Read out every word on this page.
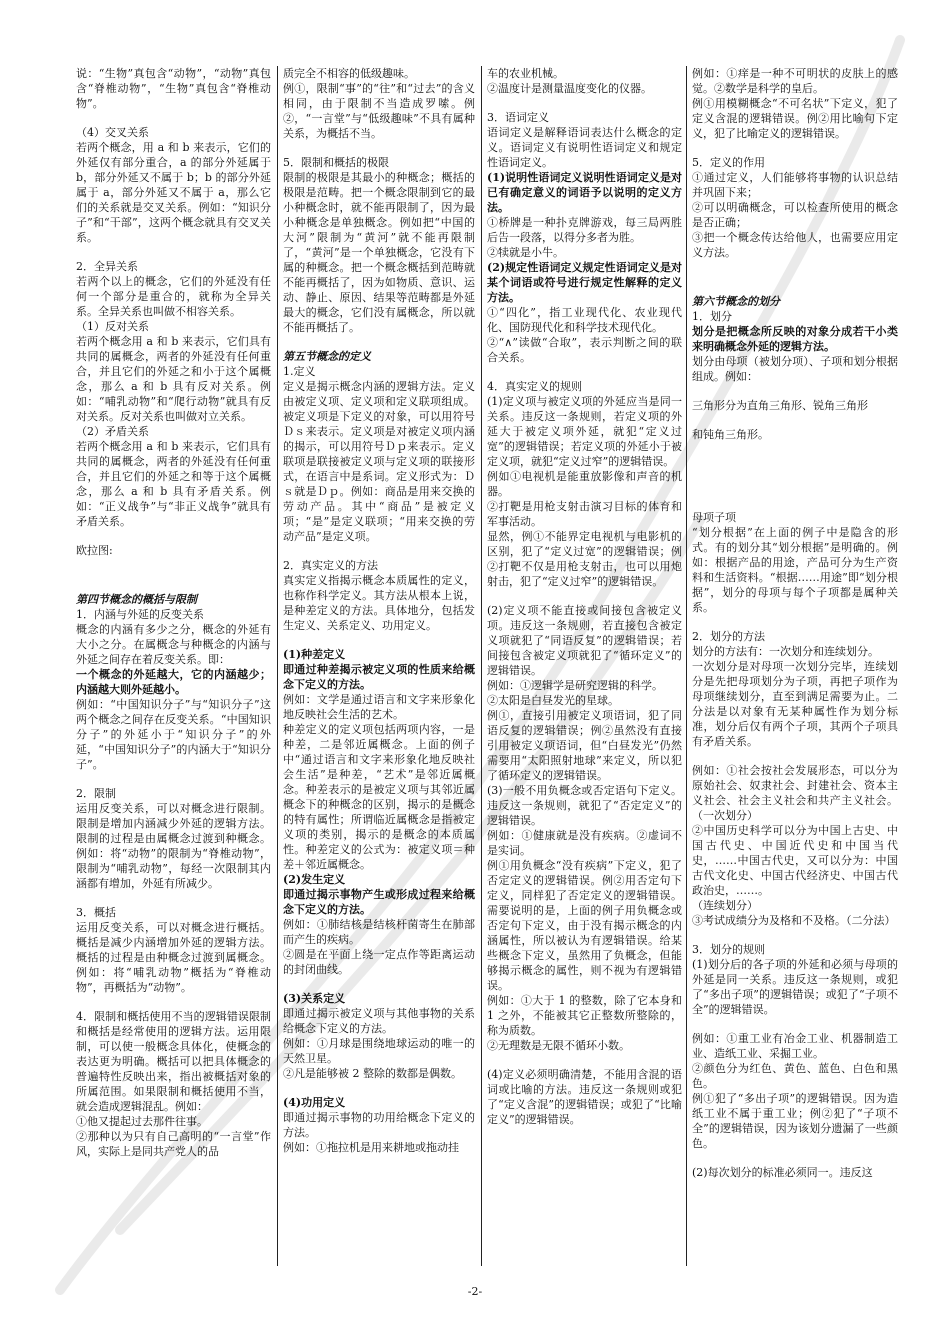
说：“生物”真包含“动物”，“动物”真包含“脊椎动物”，“生物”真包含“脊椎动物”。

（4）交叉关系

若两个概念，用 a 和 b 来表示，它们的外延仅有部分重合，a 的部分外延属于 b，部分外延又不属于 b；b 的部分外延属于 a，部分外延又不属于 a，那么它们的关系就是交叉关系。例如：“知识分子”和“干部”，这两个概念就具有交叉关系。

2．全异关系

若两个以上的概念，它们的外延没有任何一个部分是重合的，就称为全异关系。全异关系也叫做不相容关系。

（1）反对关系

若两个概念用 a 和 b 来表示，它们具有共同的属概念，两者的外延没有任何重合，并且它们的外延之和小于这个属概念，那么 a 和 b 具有反对关系。例如：“哺乳动物”和“爬行动物”就具有反对关系。反对关系也叫做对立关系。

（2）矛盾关系

若两个概念用 a 和 b 来表示，它们具有共同的属概念，两者的外延没有任何重合，并且它们的外延之和等于这个属概念，那么 a 和 b 具有矛盾关系。例如：“正义战争”与“非正义战争”就具有矛盾关系。

欧拉图:

第四节概念的概括与限制

1．内涵与外延的反变关系

概念的内涵有多少之分，概念的外延有大小之分。在属概念与种概念的内涵与外延之间存在着反变关系。即：

一个概念的外延越大，它的内涵越少；内涵越大则外延越小。

例如：“中国知识分子”与“知识分子”这两个概念之间存在反变关系。“中国知识分子”的外延小于“知识分子”的外延，“中国知识分子”的内涵大于“知识分子”。

2．限制

运用反变关系，可以对概念进行限制。限制是增加内涵减少外延的逻辑方法。限制的过程是由属概念过渡到种概念。例如：将“动物”的限制为“脊椎动物”，限制为“哺乳动物”，每经一次限制其内涵都有增加，外延有所减少。

3．概括

运用反变关系，可以对概念进行概括。概括是减少内涵增加外延的逻辑方法。概括的过程是由种概念过渡到属概念。例如：将“哺乳动物”概括为“脊椎动物”，再概括为“动物”。

4．限制和概括使用不当的逻辑错误限制和概括是经常使用的逻辑方法。运用限制，可以使一般概念具体化，使概念的表达更为明确。概括可以把具体概念的普遍特性反映出来，指出被概括对象的所属范围。如果限制和概括使用不当，就会造成逻辑混乱。例如：

①他又提起过去那件往事。

②那种以为只有自己高明的“一言堂”作风，实际上是同共产党人的品

质完全不相容的低级趣味。

例①，限制“事”的“往”和“过去”的含义相同，由于限制不当造成罗嗦。例②，“一言堂”与“低级趣味”不具有属种关系，为概括不当。

5．限制和概括的极限

限制的极限是其最小的种概念；概括的极限是范畴。把一个概念限制到它的最小种概念时，就不能再限制了，因为最小种概念是单独概念。例如把“中国的大河”限制为“黄河”就不能再限制了，“黄河”是一个单独概念，它没有下属的种概念。把一个概念概括到范畴就不能再概括了，因为如物质、意识、运动、静止、原因、结果等范畴都是外延最大的概念，它们没有属概念，所以就不能再概括了。

第五节概念的定义

1.定义

定义是揭示概念内涵的逻辑方法。定义由被定义项、定义项和定义联项组成。被定义项是下定义的对象，可以用符号Ｄｓ来表示。定义项是对被定义项内涵的揭示，可以用符号Ｄｐ来表示。定义联项是联接被定义项与定义项的联接形式，在语言中是系词。定义形式为：Ｄｓ就是Ｄｐ。例如：商品是用来交换的劳动产品。其中“商品”是被定义项；“是”是定义联项；“用来交换的劳动产品”是定义项。

2．真实定义的方法

真实定义指揭示概念本质属性的定义，也称作科学定义。其方法从根本上说，是种差定义的方法。具体地分，包括发生定义、关系定义、功用定义。

(1)种差定义

即通过种差揭示被定义项的性质来给概念下定义的方法。

例如：文学是通过语言和文字来形象化地反映社会生活的艺术。

种差定义的定义项包括两项内容，一是种差，二是邻近属概念。上面的例子中“通过语言和文字来形象化地反映社会生活”是种差，“艺术”是邻近属概念。种差表示的是被定义项与其邻近属概念下的种概念的区别，揭示的是概念的特有属性；所谓临近属概念是指被定义项的类别，揭示的是概念的本质属性。种差定义的公式为：被定义项＝种差＋邻近属概念。

(2)发生定义

即通过揭示事物产生或形成过程来给概念下定义的方法。

例如：①肺结核是结核杆菌寄生在肺部而产生的疾病。

②圆是在平面上绕一定点作等距离运动的封闭曲线。

(3)关系定义

即通过揭示被定义项与其他事物的关系给概念下定义的方法。

例如：①月球是围绕地球运动的唯一的天然卫星。

②凡是能够被 2 整除的数都是偶数。

(4)功用定义

即通过揭示事物的功用给概念下定义的方法。

例如：①拖拉机是用来耕地或拖动挂

车的农业机械。

②温度计是测量温度变化的仪器。

3．语词定义

语词定义是解释语词表达什么概念的定义。语词定义有说明性语词定义和规定性语词定义。

(1)说明性语词定义说明性语词定义是对已有确定意义的词语予以说明的定义方法。

①桥牌是一种扑克牌游戏，每三局两胜后告一段落，以得分多者为胜。

②犊就是小牛。

(2)规定性语词定义规定性语词定义是对某个词语或符号进行规定性解释的定义方法。

①“四化”，指工业现代化、农业现代化、国防现代化和科学技术现代化。

②“∧”读做“合取”，表示判断之间的联合关系。

4．真实定义的规则

(1)定义项与被定义项的外延应当是同一关系。违反这一条规则，若定义项的外延大于被定义项外延，就犯“定义过宽”的逻辑错误；若定义项的外延小于被定义项，就犯“定义过窄”的逻辑错误。

例如①电视机是能重放影像和声音的机器。

②打靶是用枪支射击演习目标的体育和军事活动。

显然，例①不能界定电视机与电影机的区别，犯了“定义过宽”的逻辑错误；例②打靶不仅是用枪支射击，也可以用炮射击，犯了“定义过窄”的逻辑错误。

(2)定义项不能直接或间接包含被定义项。违反这一条规则，若直接包含被定义项就犯了“同语反复”的逻辑错误；若间接包含被定义项就犯了“循环定义”的逻辑错误。

例如：①逻辑学是研究逻辑的科学。

②太阳是白昼发光的星球。

例①，直接引用被定义项语词，犯了同语反复的逻辑错误；例②虽然没有直接引用被定义项语词，但“白昼发光”仍然需要用“太阳照射地球”来定义，所以犯了循环定义的逻辑错误。

(3)一般不用负概念或否定语句下定义。违反这一条规则，就犯了“否定定义”的逻辑错误。

例如：①健康就是没有疾病。②虚词不是实词。

例①用负概念“没有疾病”下定义，犯了否定定义的逻辑错误。例②用否定句下定义，同样犯了否定定义的逻辑错误。需要说明的是，上面的例子用负概念或否定句下定义，由于没有揭示概念的内涵属性，所以被认为有逻辑错误。给某些概念下定义，虽然用了负概念，但能够揭示概念的属性，则不视为有逻辑错误。

例如：①大于 1 的整数，除了它本身和 1 之外，不能被其它正整数所整除的，称为质数。

②无理数是无限不循环小数。

(4)定义必须明确清楚，不能用含混的语词或比喻的方法。违反这一条规则或犯了“定义含混”的逻辑错误；或犯了“比喻定义”的逻辑错误。

例如：①痒是一种不可明状的皮肤上的感觉。②数学是科学的皇后。

例①用模糊概念“不可名状”下定义，犯了定义含混的逻辑错误。例②用比喻句下定义，犯了比喻定义的逻辑错误。

5．定义的作用

①通过定义，人们能够将事物的认识总结并巩固下来；

②可以明确概念，可以检查所使用的概念是否正确；

③把一个概念传达给他人，也需要应用定义方法。

第六节概念的划分

1．划分

划分是把概念所反映的对象分成若干小类来明确概念外延的逻辑方法。

划分由母项（被划分项）、子项和划分根据组成。例如：

三角形分为直角三角形、锐角三角形

和钝角三角形。

母项子项

“划分根据”在上面的例子中是隐含的形式。有的划分其“划分根据”是明确的。例如：根据产品的用途，产品可分为生产资料和生活资料。“根据……用途”即“划分根据”，划分的母项与每个子项都是属种关系。

2．划分的方法

划分的方法有：一次划分和连续划分。

一次划分是对母项一次划分完毕，连续划分是先把母项划分为子项，再把子项作为母项继续划分，直至到满足需要为止。二分法是以对象有无某种属性作为划分标准，划分后仅有两个子项，其两个子项具有矛盾关系。

例如：①社会按社会发展形态，可以分为原始社会、奴隶社会、封建社会、资本主义社会、社会主义社会和共产主义社会。（一次划分）

②中国历史科学可以分为中国上古史、中国古代史、中国近代史和中国当代史，……中国古代史，又可以分为：中国古代文化史、中国古代经济史、中国古代政治史，……。

（连续划分）

③考试成绩分为及格和不及格。（二分法）

3．划分的规则

(1)划分后的各子项的外延和必须与母项的外延是同一关系。违反这一条规则，或犯了“多出子项”的逻辑错误；或犯了“子项不全”的逻辑错误。

例如：①重工业有冶金工业、机器制造工业、造纸工业、采掘工业。

②颜色分为红色、黄色、蓝色、白色和黑色。

例①犯了“多出子项”的逻辑错误。因为造纸工业不属于重工业；例②犯了“子项不全”的逻辑错误，因为该划分遗漏了一些颜色。

(2)每次划分的标准必须同一。违反这

-2-
